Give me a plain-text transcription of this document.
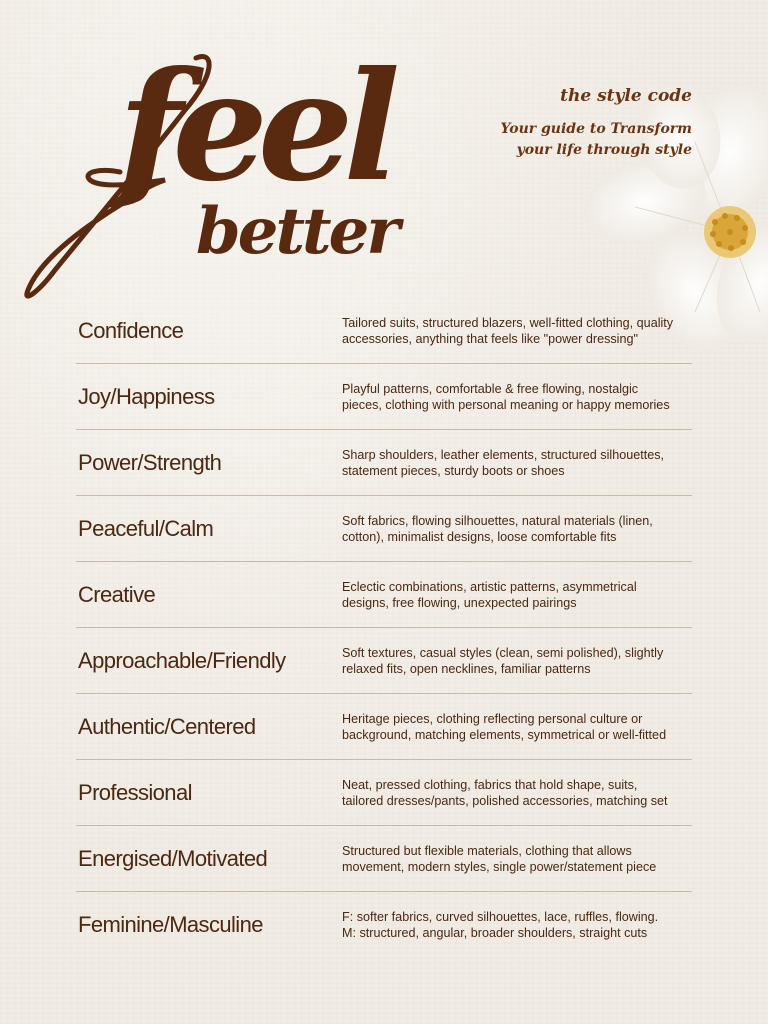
feel
better
the style code
Your guide to Transform
your life through style
Confidence	Tailored suits, structured blazers, well-fitted clothing, quality
accessories, anything that feels like "power dressing"
Joy/Happiness	Playful patterns, comfortable & free flowing, nostalgic
pieces, clothing with personal meaning or happy memories
Power/Strength	Sharp shoulders, leather elements, structured silhouettes,
statement pieces, sturdy boots or shoes
Peaceful/Calm	Soft fabrics, flowing silhouettes, natural materials (linen,
cotton), minimalist designs, loose comfortable fits
Creative	Eclectic combinations, artistic patterns, asymmetrical
designs, free flowing, unexpected pairings
Approachable/Friendly	Soft textures, casual styles (clean, semi polished), slightly
relaxed fits, open necklines, familiar patterns
Authentic/Centered	Heritage pieces, clothing reflecting personal culture or
background, matching elements, symmetrical or well-fitted
Professional	Neat, pressed clothing, fabrics that hold shape, suits,
tailored dresses/pants, polished accessories, matching set
Energised/Motivated	Structured but flexible materials, clothing that allows
movement, modern styles, single power/statement piece
Feminine/Masculine	F: softer fabrics, curved silhouettes, lace, ruffles, flowing.
M: structured, angular, broader shoulders, straight cuts
